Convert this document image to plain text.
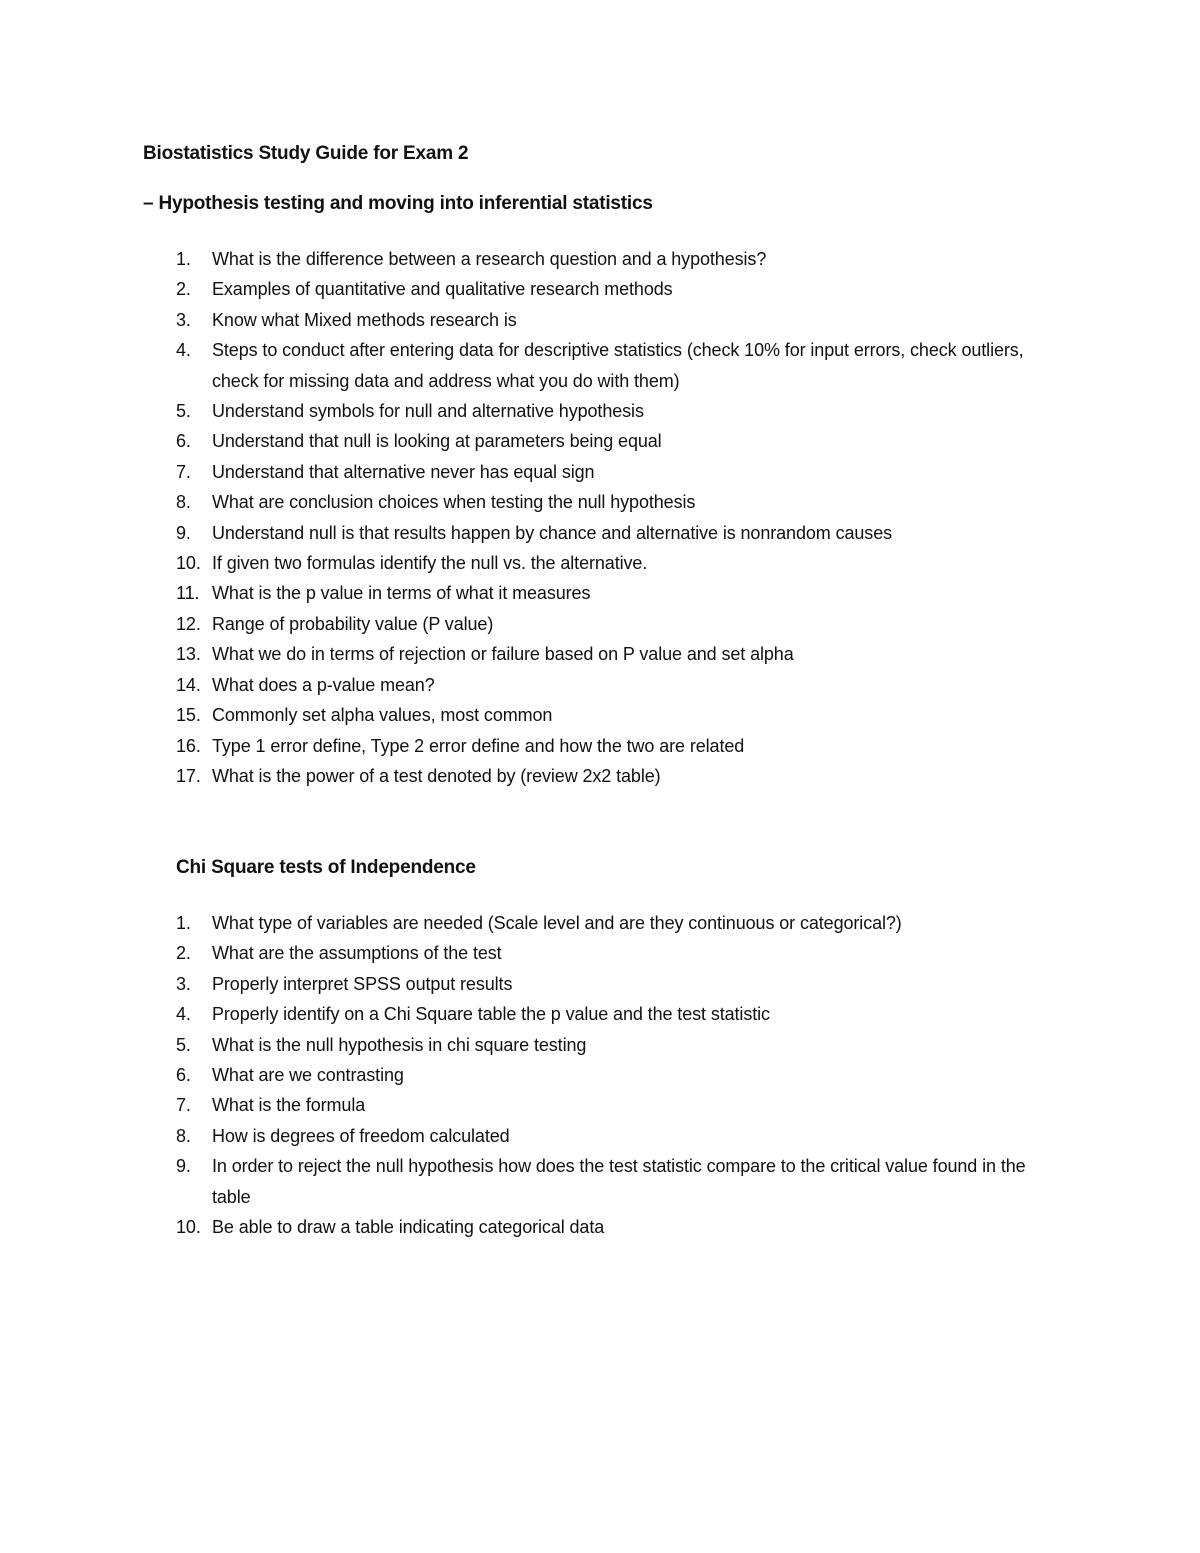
Biostatistics Study Guide for Exam 2
– Hypothesis testing and moving into inferential statistics
1. What is the difference between a research question and a hypothesis?
2. Examples of quantitative and qualitative research methods
3. Know what Mixed methods research is
4. Steps to conduct after entering data for descriptive statistics (check 10% for input errors, check outliers, check for missing data and address what you do with them)
5. Understand symbols for null and alternative hypothesis
6. Understand that null is looking at parameters being equal
7. Understand that alternative never has equal sign
8. What are conclusion choices when testing the null hypothesis
9. Understand null is that results happen by chance and alternative is nonrandom causes
10. If given two formulas identify the null vs. the alternative.
11. What is the p value in terms of what it measures
12. Range of probability value (P value)
13. What we do in terms of rejection or failure based on P value and set alpha
14. What does a p-value mean?
15. Commonly set alpha values, most common
16. Type 1 error define, Type 2 error define and how the two are related
17. What is the power of a test denoted by (review 2x2 table)
Chi Square tests of Independence
1. What type of variables are needed (Scale level and are they continuous or categorical?)
2. What are the assumptions of the test
3. Properly interpret SPSS output results
4. Properly identify on a Chi Square table the p value and the test statistic
5. What is the null hypothesis in chi square testing
6. What are we contrasting
7. What is the formula
8. How is degrees of freedom calculated
9. In order to reject the null hypothesis how does the test statistic compare to the critical value found in the table
10. Be able to draw a table indicating categorical data
